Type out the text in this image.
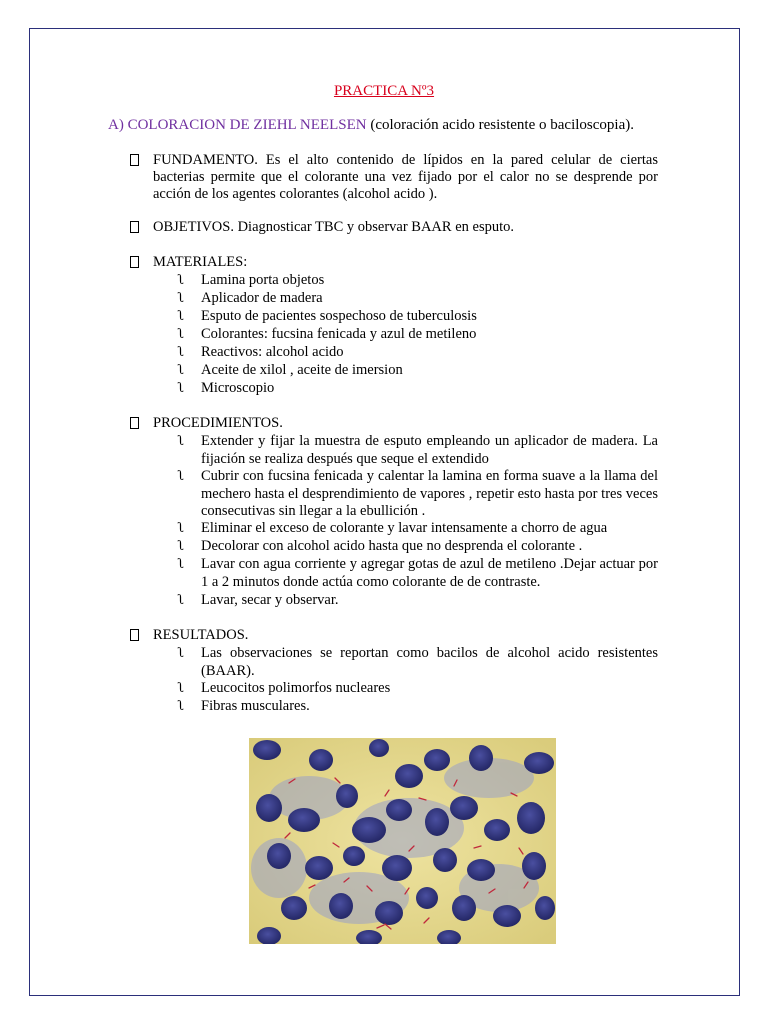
PRACTICA Nº3
A) COLORACION DE ZIEHL NEELSEN (coloración acido resistente o baciloscopia).
FUNDAMENTO. Es el alto contenido de lípidos en la pared celular de ciertas bacterias permite que el colorante una vez fijado por el calor no se desprende por acción de los agentes colorantes (alcohol acido ).
OBJETIVOS. Diagnosticar TBC y observar BAAR en esputo.
MATERIALES:
ʅ Lamina porta objetos
ʅ Aplicador de madera
ʅ Esputo de pacientes sospechoso de tuberculosis
ʅ Colorantes: fucsina fenicada y azul de metileno
ʅ Reactivos: alcohol acido
ʅ Aceite de xilol , aceite de imersion
ʅ Microscopio
PROCEDIMIENTOS.
ʅ Extender y fijar la muestra de esputo empleando un aplicador de madera. La fijación se realiza después que seque el extendido
ʅ Cubrir con fucsina fenicada y calentar la lamina en forma suave a la llama del mechero hasta el desprendimiento de vapores , repetir esto hasta por tres veces consecutivas sin llegar a la ebullición .
ʅ Eliminar el exceso de colorante y lavar intensamente a chorro de agua
ʅ Decolorar con alcohol acido hasta que no desprenda el colorante .
ʅ Lavar con agua corriente y agregar gotas de azul de metileno .Dejar actuar por 1 a 2 minutos donde actúa como colorante de de contraste.
ʅ Lavar, secar y observar.
RESULTADOS.
ʅ Las observaciones se reportan como bacilos de alcohol acido resistentes (BAAR).
ʅ Leucocitos polimorfos nucleares
ʅ Fibras musculares.
